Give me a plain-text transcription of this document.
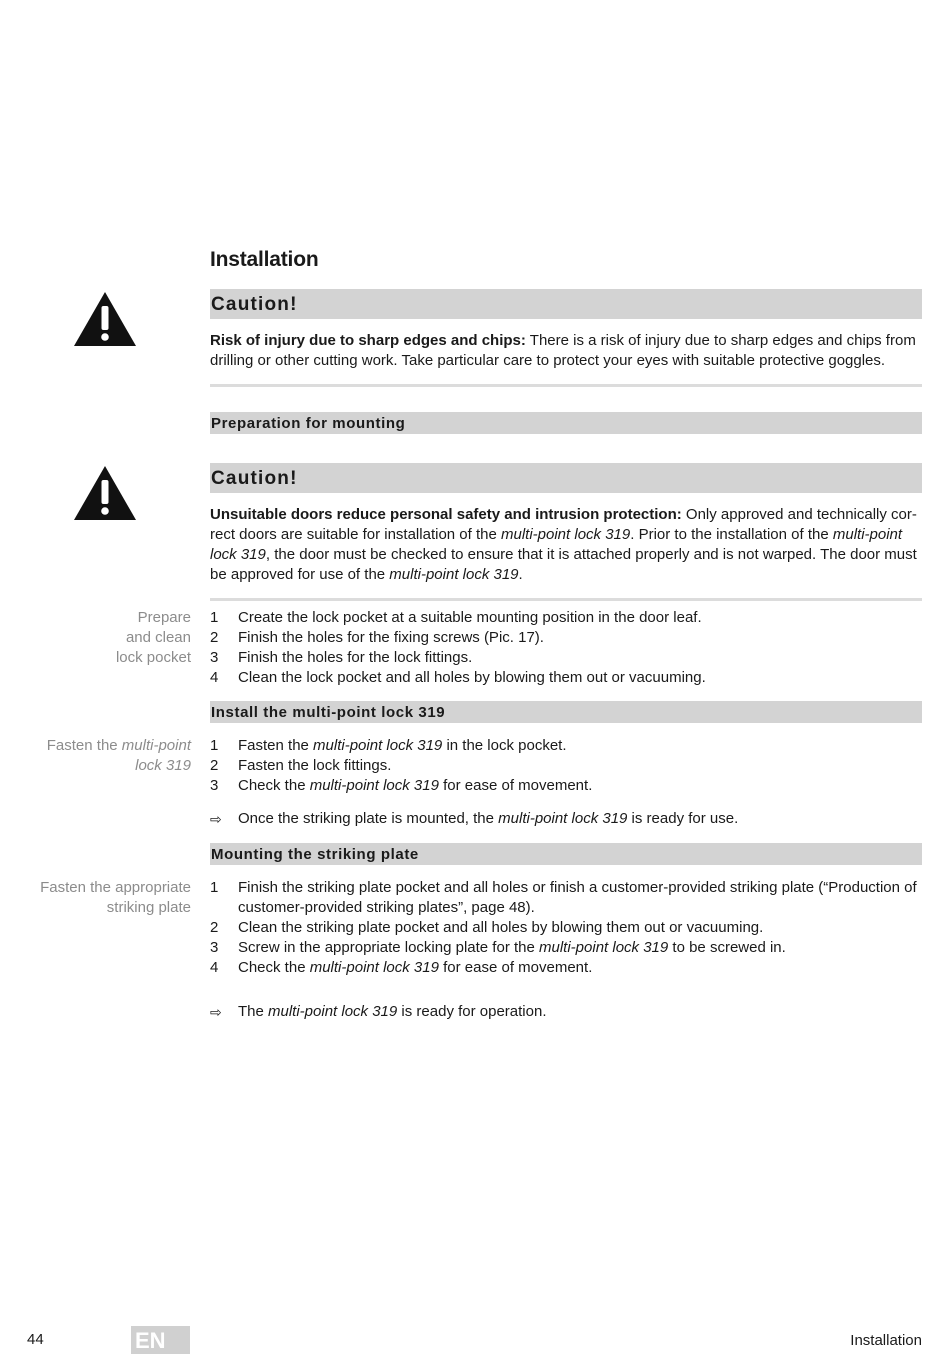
Installation
Caution!
Risk of injury due to sharp edges and chips: There is a risk of injury due to sharp edges and chips from drilling or other cutting work. Take particular care to protect your eyes with suitable protective goggles.
Preparation for mounting
Caution!
Unsuitable doors reduce personal safety and intrusion protection: Only approved and technically cor-rect doors are suitable for installation of the multi-point lock 319. Prior to the installation of the multi-point lock 319, the door must be checked to ensure that it is attached properly and is not warped. The door must be approved for use of the multi-point lock 319.
Prepare
and clean
lock pocket
1 Create the lock pocket at a suitable mounting position in the door leaf.
2 Finish the holes for the fixing screws (Pic. 17).
3 Finish the holes for the lock fittings.
4 Clean the lock pocket and all holes by blowing them out or vacuuming.
Install the multi-point lock 319
Fasten the multi-point
lock 319
1 Fasten the multi-point lock 319 in the lock pocket.
2 Fasten the lock fittings.
3 Check the multi-point lock 319 for ease of movement.
⇨ Once the striking plate is mounted, the multi-point lock 319 is ready for use.
Mounting the striking plate
Fasten the appropriate
striking plate
1 Finish the striking plate pocket and all holes or finish a customer-provided striking plate (“Production of customer-provided striking plates”, page 48).
2 Clean the striking plate pocket and all holes by blowing them out or vacuuming.
3 Screw in the appropriate locking plate for the multi-point lock 319 to be screwed in.
4 Check the multi-point lock 319 for ease of movement.
⇨ The multi-point lock 319 is ready for operation.
44	EN	Installation
